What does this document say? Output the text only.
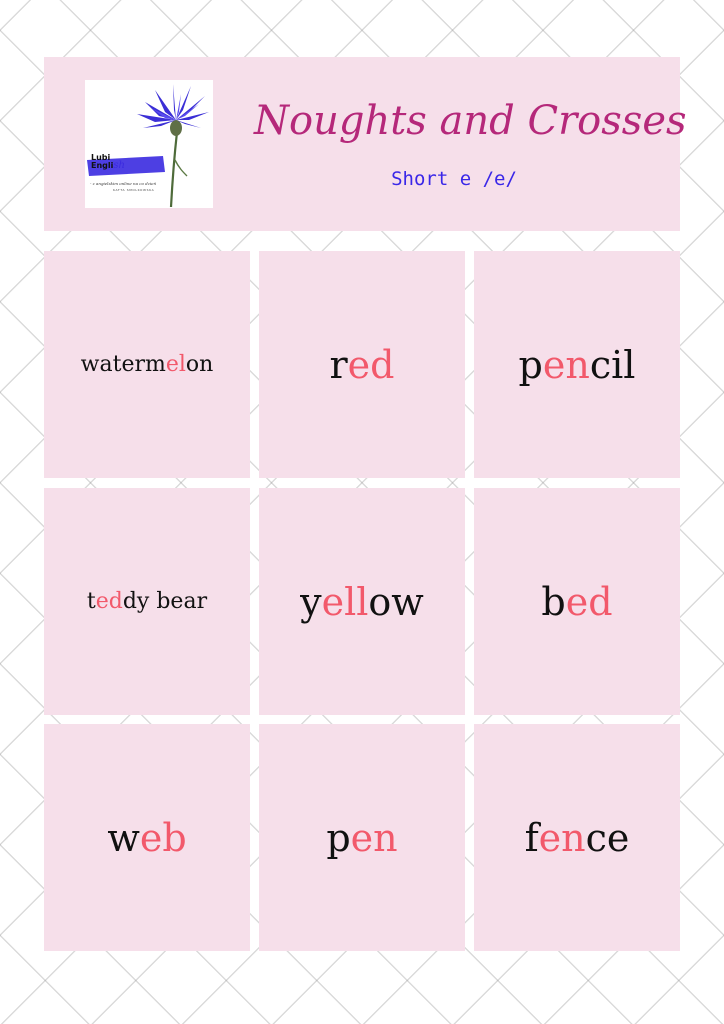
Lubi
English
- z angielskim online na co dzień
KATTA SMOLKOWSKA
Noughts and Crosses
Short e /e/
watermelon	red	pencil
teddy bear yellow	bed
web	pen	fence
